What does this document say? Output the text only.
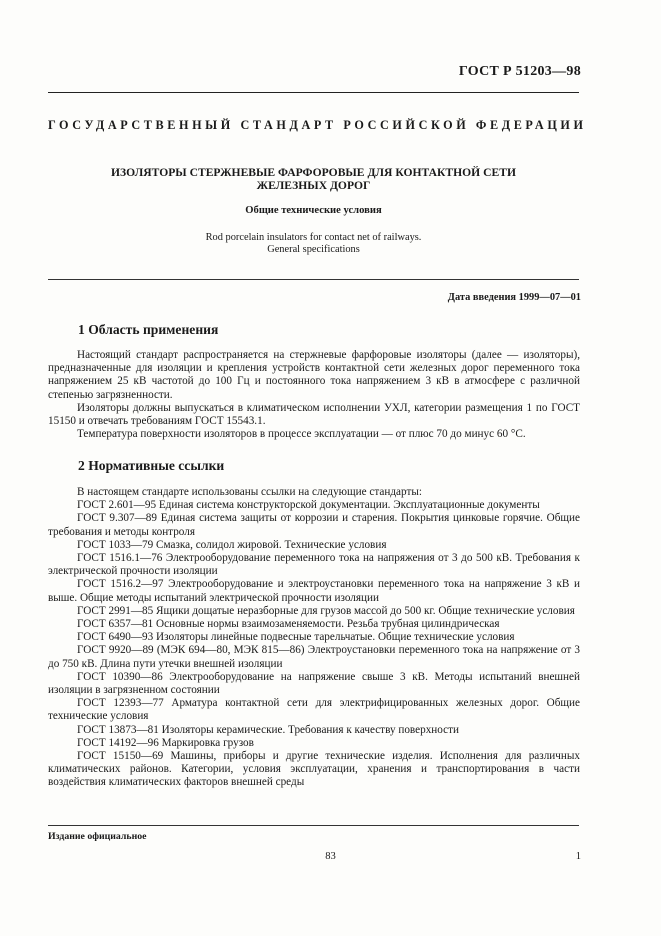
ГОСТ Р 51203—98
ГОСУДАРСТВЕННЫЙ СТАНДАРТ РОССИЙСКОЙ ФЕДЕРАЦИИ
ИЗОЛЯТОРЫ СТЕРЖНЕВЫЕ ФАРФОРОВЫЕ ДЛЯ КОНТАКТНОЙ СЕТИ
ЖЕЛЕЗНЫХ ДОРОГ
Общие технические условия
Rod porcelain insulators for contact net of railways.
General specifications
Дата введения 1999—07—01
1 Область применения

Настоящий стандарт распространяется на стержневые фарфоровые изоляторы (далее — изоляторы), предназначенные для изоляции и крепления устройств контактной сети железных дорог переменного тока напряжением 25 кВ частотой до 100 Гц и постоянного тока напряжением 3 кВ в атмосфере с различной степенью загрязненности.

Изоляторы должны выпускаться в климатическом исполнении УХЛ, категории размещения 1 по ГОСТ 15150 и отвечать требованиям ГОСТ 15543.1.

Температура поверхности изоляторов в процессе эксплуатации — от плюс 70 до минус 60 °С.

2 Нормативные ссылки

В настоящем стандарте использованы ссылки на следующие стандарты:

ГОСТ 2.601—95 Единая система конструкторской документации. Эксплуатационные документы

ГОСТ 9.307—89 Единая система защиты от коррозии и старения. Покрытия цинковые горячие. Общие требования и методы контроля

ГОСТ 1033—79 Смазка, солидол жировой. Технические условия

ГОСТ 1516.1—76 Электрооборудование переменного тока на напряжения от 3 до 500 кВ. Требования к электрической прочности изоляции

ГОСТ 1516.2—97 Электрооборудование и электроустановки переменного тока на напряжение 3 кВ и выше. Общие методы испытаний электрической прочности изоляции

ГОСТ 2991—85 Ящики дощатые неразборные для грузов массой до 500 кг. Общие технические условия

ГОСТ 6357—81 Основные нормы взаимозаменяемости. Резьба трубная цилиндрическая

ГОСТ 6490—93 Изоляторы линейные подвесные тарельчатые. Общие технические условия

ГОСТ 9920—89 (МЭК 694—80, МЭК 815—86) Электроустановки переменного тока на напряжение от 3 до 750 кВ. Длина пути утечки внешней изоляции

ГОСТ 10390—86 Электрооборудование на напряжение свыше 3 кВ. Методы испытаний внешней изоляции в загрязненном состоянии

ГОСТ 12393—77 Арматура контактной сети для электрифицированных железных дорог. Общие технические условия

ГОСТ 13873—81 Изоляторы керамические. Требования к качеству поверхности

ГОСТ 14192—96 Маркировка грузов

ГОСТ 15150—69 Машины, приборы и другие технические изделия. Исполнения для различных климатических районов. Категории, условия эксплуатации, хранения и транспортирования в части воздействия климатических факторов внешней среды

Издание официальное
83	1
